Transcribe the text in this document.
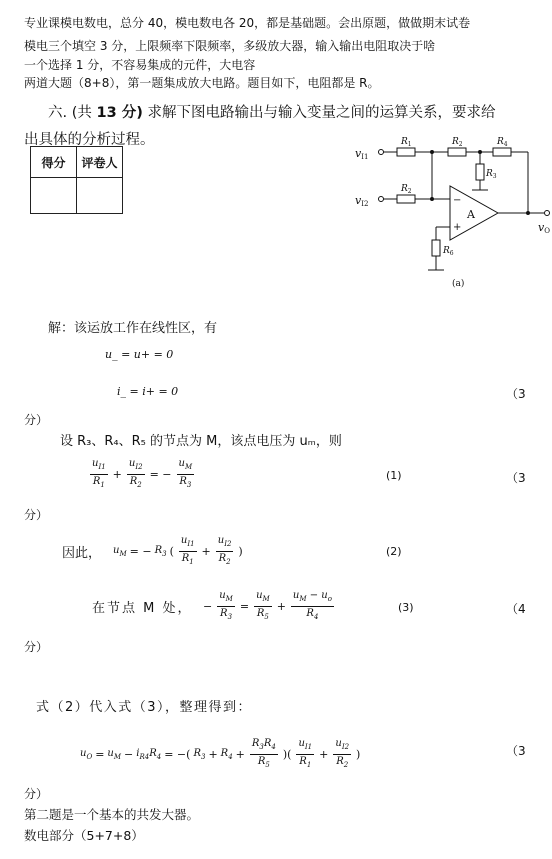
专业课模电数电，总分 40，模电数电各 20，都是基础题。会出原题，做做期末试卷
模电三个填空 3 分，上限频率下限频率，多级放大器，输入输出电阻取决于啥
一个选择 1 分，不容易集成的元件，大电容
两道大题（8+8），第一题集成放大电路。题目如下，电阻都是 R。
六. (共 13 分) 求解下图电路输出与输入变量之间的运算关系，要求给
出具体的分析过程。
得分	评卷人

vI1
vI2
vO
$R_1$	$R_2$	$R_4$
$R_3$
$R_2$
$R_6$
A
−
+
(a)
解：该运放工作在线性区，有
u_ = u+ = 0
i_ = i+ = 0	（3
分）
设 R₃、R₄、R₅ 的节点为 M，该点电压为 uₘ，则
$\frac{u_{I1}}{R_1} + \frac{u_{I2}}{R_2}$ = − $\frac{u_M}{R_3}$	(1)	（3
分）
因此， $u_M$ = − $R_3$ ( $\frac{u_{I1}}{R_1} + \frac{u_{I2}}{R_2}$ )	(2)
在节点 M 处， − $\frac{u_M}{R_3} = \frac{u_M}{R_5} + \frac{u_M - u_o}{R_4}$	(3)	（4
分）
式（2）代入式（3），整理得到：
$u_O = u_M - i_{R4}R_4$ = −( $R_3 + R_4 + \frac{R_3R_4}{R_5}$ )( $\frac{u_{I1}}{R_1} + \frac{u_{I2}}{R_2}$ )	（3
分）
第二题是一个基本的共发大器。
数电部分（5+7+8）
